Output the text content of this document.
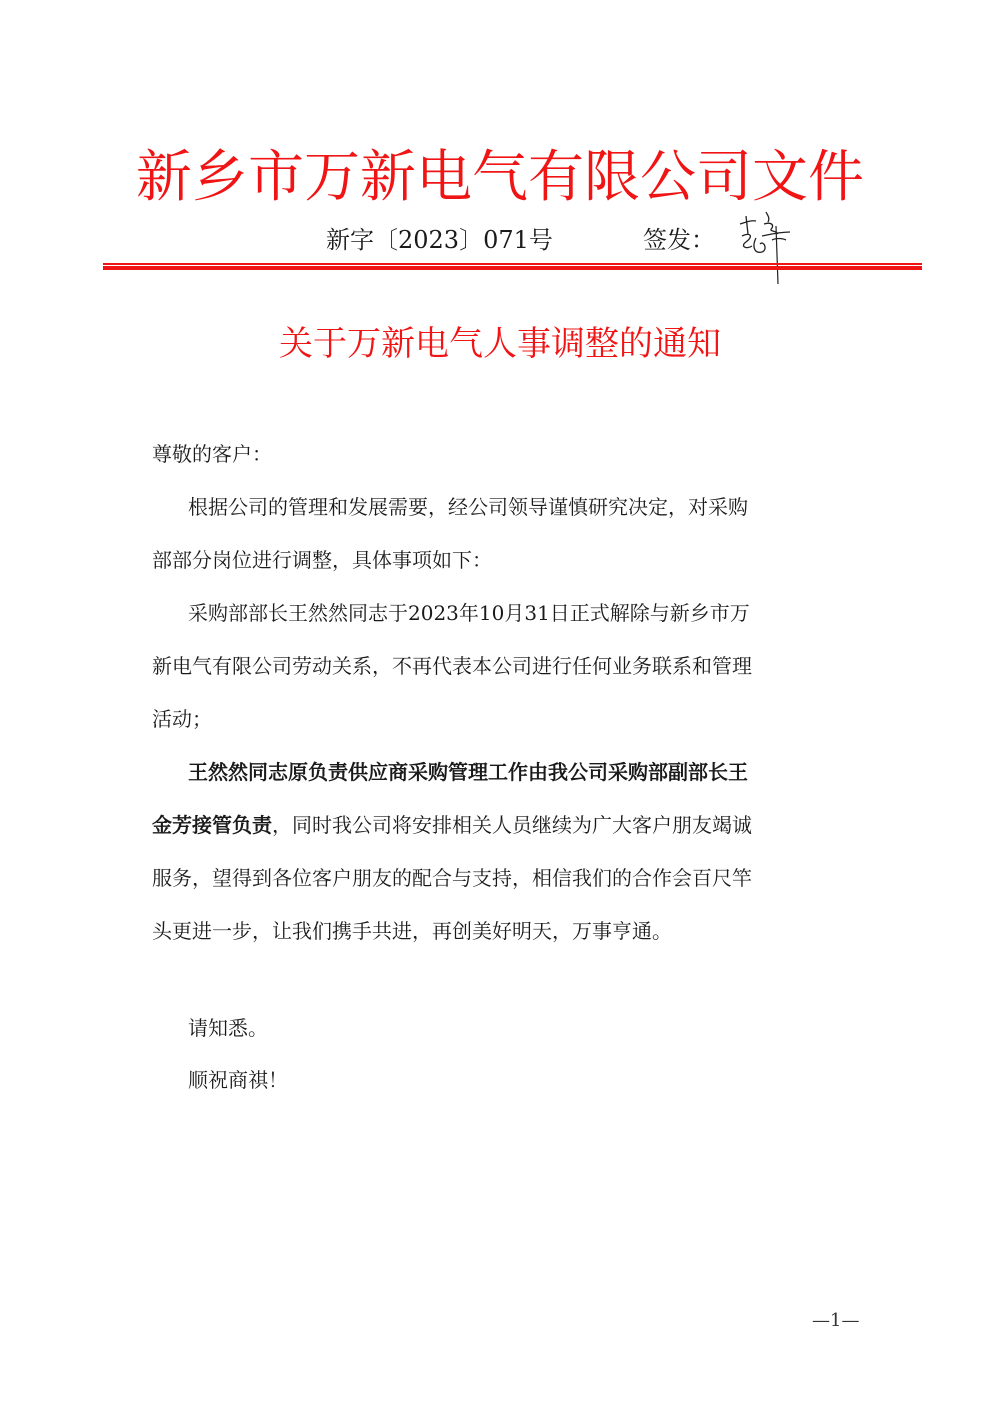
新乡市万新电气有限公司文件
新字〔2023〕071号	签发：
关于万新电气人事调整的通知
尊敬的客户：
根据公司的管理和发展需要，经公司领导谨慎研究决定，对采购
部部分岗位进行调整，具体事项如下：
采购部部长王然然同志于2023年10月31日正式解除与新乡市万
新电气有限公司劳动关系，不再代表本公司进行任何业务联系和管理
活动；
王然然同志原负责供应商采购管理工作由我公司采购部副部长王
金芳接管负责，同时我公司将安排相关人员继续为广大客户朋友竭诚
服务，望得到各位客户朋友的配合与支持，相信我们的合作会百尺竿
头更进一步，让我们携手共进，再创美好明天，万事亨通。
请知悉。
顺祝商祺！
—1—
